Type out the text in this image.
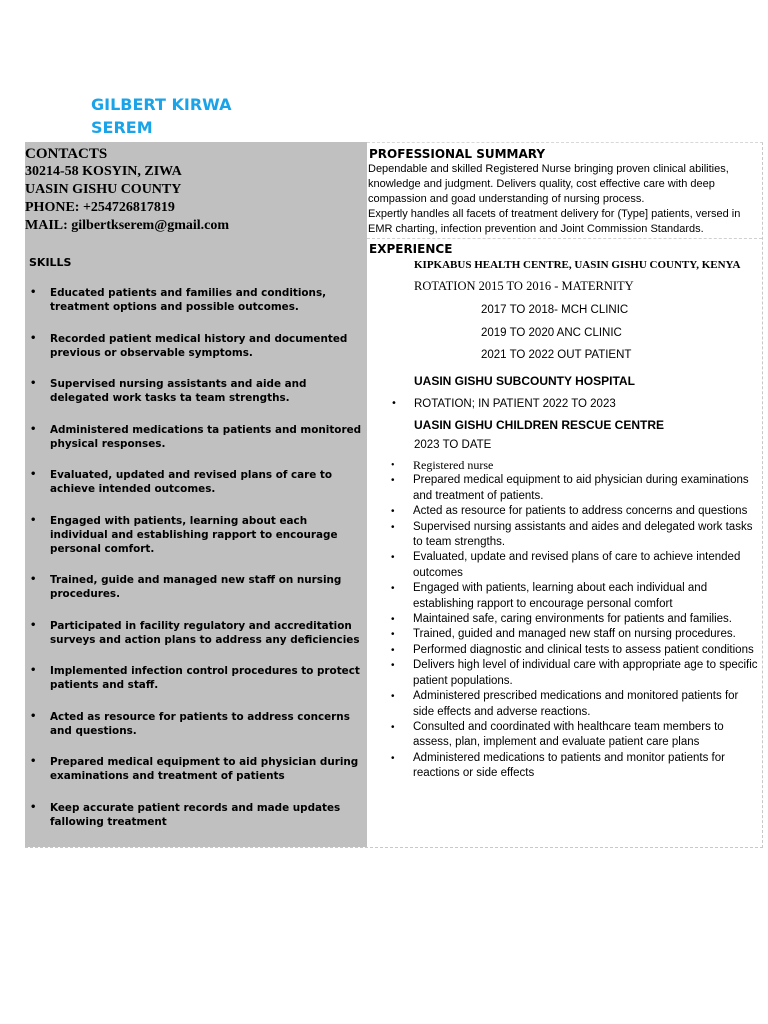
GILBERT KIRWA
SEREM
CONTACTS
30214-58 KOSYIN, ZIWA
UASIN GISHU COUNTY
PHONE: +254726817819
MAIL: gilbertkserem@gmail.com
SKILLS
• Educated patients and families and conditions, treatment options and possible outcomes.
• Recorded patient medical history and documented previous or observable symptoms.
• Supervised nursing assistants and aide and delegated work tasks ta team strengths.
• Administered medications ta patients and monitored physical responses.
• Evaluated, updated and revised plans of care to achieve intended outcomes.
• Engaged with patients, learning about each individual and establishing rapport to encourage personal comfort.
• Trained, guide and managed new staff on nursing procedures.
• Participated in facility regulatory and accreditation surveys and action plans to address any deficiencies
• Implemented infection control procedures to protect patients and staff.
• Acted as resource for patients to address concerns and questions.
• Prepared medical equipment to aid physician during examinations and treatment of patients
• Keep accurate patient records and made updates fallowing treatment
PROFESSIONAL SUMMARY

Dependable and skilled Registered Nurse bringing proven clinical abilities, knowledge and judgment. Delivers quality, cost effective care with deep compassion and goad understanding of nursing process.

Expertly handles all facets of treatment delivery for (Type] patients, versed in EMR charting, infection prevention and Joint Commission Standards.

EXPERIENCE
KIPKABUS HEALTH CENTRE, UASIN GISHU COUNTY, KENYA
ROTATION 2015 TO 2016 - MATERNITY
2017 TO 2018- MCH CLINIC
2019 TO 2020 ANC CLINIC
2021 TO 2022 OUT PATIENT
UASIN GISHU SUBCOUNTY HOSPITAL
• ROTATION; IN PATIENT 2022 TO 2023
UASIN GISHU CHILDREN RESCUE CENTRE
2023 TO DATE
• Registered nurse
• Prepared medical equipment to aid physician during examinations and treatment of patients.
• Acted as resource for patients to address concerns and questions
• Supervised nursing assistants and aides and delegated work tasks to team strengths.
• Evaluated, update and revised plans of care to achieve intended outcomes
• Engaged with patients, learning about each individual and establishing rapport to encourage personal comfort
• Maintained safe, caring environments for patients and families.
• Trained, guided and managed new staff on nursing procedures.
• Performed diagnostic and clinical tests to assess patient conditions
• Delivers high level of individual care with appropriate age to specific patient populations.
• Administered prescribed medications and monitored patients for side effects and adverse reactions.
• Consulted and coordinated with healthcare team members to assess, plan, implement and evaluate patient care plans
• Administered medications to patients and monitor patients for reactions or side effects
